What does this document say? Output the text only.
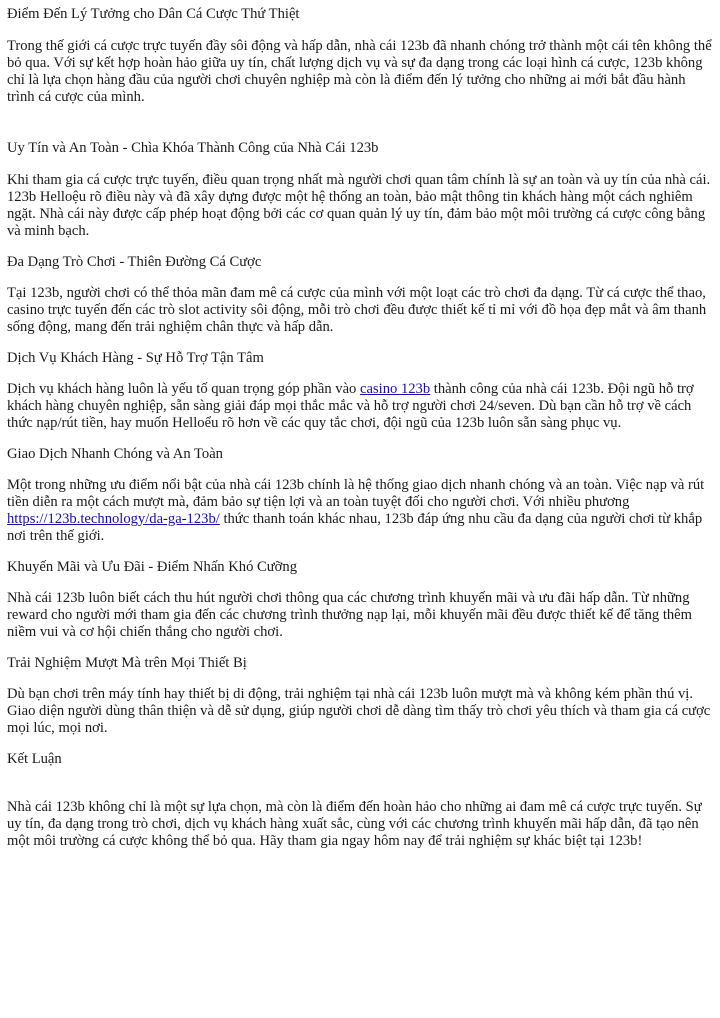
Điểm Đến Lý Tưởng cho Dân Cá Cược Thứ Thiệt

Trong thế giới cá cược trực tuyến đầy sôi động và hấp dẫn, nhà cái 123b đã nhanh chóng trở thành một cái tên không thể bỏ qua. Với sự kết hợp hoàn hảo giữa uy tín, chất lượng dịch vụ và sự đa dạng trong các loại hình cá cược, 123b không chỉ là lựa chọn hàng đầu của người chơi chuyên nghiệp mà còn là điểm đến lý tưởng cho những ai mới bắt đầu hành trình cá cược của mình.

Uy Tín và An Toàn - Chìa Khóa Thành Công của Nhà Cái 123b

Khi tham gia cá cược trực tuyến, điều quan trọng nhất mà người chơi quan tâm chính là sự an toàn và uy tín của nhà cái. 123b Helloệu rõ điều này và đã xây dựng được một hệ thống an toàn, bảo mật thông tin khách hàng một cách nghiêm ngặt. Nhà cái này được cấp phép hoạt động bởi các cơ quan quản lý uy tín, đảm bảo một môi trường cá cược công bằng và minh bạch.

Đa Dạng Trò Chơi - Thiên Đường Cá Cược

Tại 123b, người chơi có thể thỏa mãn đam mê cá cược của mình với một loạt các trò chơi đa dạng. Từ cá cược thể thao, casino trực tuyến đến các trò slot activity sôi động, mỗi trò chơi đều được thiết kế tỉ mỉ với đồ họa đẹp mắt và âm thanh sống động, mang đến trải nghiệm chân thực và hấp dẫn.

Dịch Vụ Khách Hàng - Sự Hỗ Trợ Tận Tâm

Dịch vụ khách hàng luôn là yếu tố quan trọng góp phần vào casino 123b thành công của nhà cái 123b. Đội ngũ hỗ trợ khách hàng chuyên nghiệp, sẵn sàng giải đáp mọi thắc mắc và hỗ trợ người chơi 24/seven. Dù bạn cần hỗ trợ về cách thức nạp/rút tiền, hay muốn Helloểu rõ hơn về các quy tắc chơi, đội ngũ của 123b luôn sẵn sàng phục vụ.

Giao Dịch Nhanh Chóng và An Toàn

Một trong những ưu điểm nổi bật của nhà cái 123b chính là hệ thống giao dịch nhanh chóng và an toàn. Việc nạp và rút tiền diễn ra một cách mượt mà, đảm bảo sự tiện lợi và an toàn tuyệt đối cho người chơi. Với nhiều phương https://123b.technology/da-ga-123b/ thức thanh toán khác nhau, 123b đáp ứng nhu cầu đa dạng của người chơi từ khắp nơi trên thế giới.

Khuyến Mãi và Ưu Đãi - Điểm Nhấn Khó Cưỡng

Nhà cái 123b luôn biết cách thu hút người chơi thông qua các chương trình khuyến mãi và ưu đãi hấp dẫn. Từ những reward cho người mới tham gia đến các chương trình thưởng nạp lại, mỗi khuyến mãi đều được thiết kế để tăng thêm niềm vui và cơ hội chiến thắng cho người chơi.

Trải Nghiệm Mượt Mà trên Mọi Thiết Bị

Dù bạn chơi trên máy tính hay thiết bị di động, trải nghiệm tại nhà cái 123b luôn mượt mà và không kém phần thú vị. Giao diện người dùng thân thiện và dễ sử dụng, giúp người chơi dễ dàng tìm thấy trò chơi yêu thích và tham gia cá cược mọi lúc, mọi nơi.

Kết Luận

Nhà cái 123b không chỉ là một sự lựa chọn, mà còn là điểm đến hoàn hảo cho những ai đam mê cá cược trực tuyến. Sự uy tín, đa dạng trong trò chơi, dịch vụ khách hàng xuất sắc, cùng với các chương trình khuyến mãi hấp dẫn, đã tạo nên một môi trường cá cược không thể bỏ qua. Hãy tham gia ngay hôm nay để trải nghiệm sự khác biệt tại 123b!
